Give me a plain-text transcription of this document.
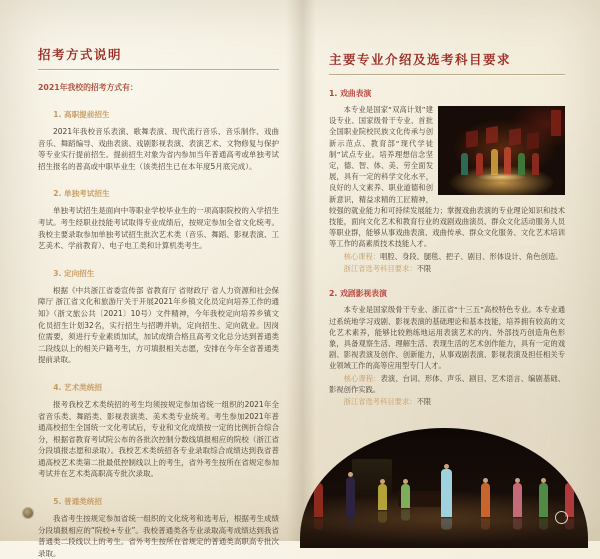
招考方式说明

2021年我校的招考方式有：

1. 高职提前招生

2021年我校音乐表演、歌舞表演、现代流行音乐、音乐制作、戏曲音乐、舞蹈编导、戏曲表演、戏剧影视表演、表演艺术、文物修复与保护等专业实行提前招生。提前招生对象为省内参加当年普通高考或单独考试招生报名的普高或中职毕业生（该类招生已在本年度5月底完成）。

2. 单独考试招生

单独考试招生是面向中等职业学校毕业生的一项高职院校的入学招生考试。考生经职业技能考试取得专业成绩后，按规定参加全省文化统考。我校主要录取参加单独考试招生批次艺术类（音乐、舞蹈、影视表演、工艺美术、学前教育）、电子电工类和计算机类考生。

3. 定向招生

根据《中共浙江省委宣传部 省教育厅 省财政厅 省人力资源和社会保障厅 浙江省文化和旅游厅关于开展2021年乡镇文化员定向培养工作的通知》（浙文旅公共〔2021〕10号）文件精神，今年我校定向培养乡镇文化员招生计划32名，实行招生与招聘并轨，定向招生、定向就业。因岗位需要，须进行专业素质加试，加试成绩合格且高考文化总分达到普通类二段线以上的相关户籍考生，方可填报相关志愿，安排在今年全省普通类提前录取。

4. 艺术类统招

报考我校艺术类统招的考生均须按规定参加省统一组织的2021年全省音乐类、舞蹈类、影视表演类、美术类专业统考。考生参加2021年普通高校招生全国统一文化考试后，专业和文化成绩按一定的比例折合综合分，根据省教育考试院公布的各批次控制分数线填报相应的院校（浙江省分段填报志愿和录取）。我校艺术类统招各专业录取综合成绩达到我省普通高校艺术类第二批最低控制线以上的考生，省外考生按所在省规定参加考试并在艺术类高职高专批次录取。

5. 普通类统招

我省考生按规定参加省统一组织的文化统考和选考后，根据考生成绩分段填报相应的“院校+专业”。我校普通类各专业录取高考成绩达到我省普通类二段线以上的考生。省外考生按所在省规定的普通类高职高专批次录取。

主要专业介绍及选考科目要求
1. 戏曲表演

本专业是国家“双高计划”建设专业、国家级骨干专业、首批全国职业院校民族文化传承与创新示范点、教育部“现代学徒制”试点专业。培养理想信念坚定，德、智、体、美、劳全面发展，具有一定的科学文化水平，良好的人文素养、职业道德和创新意识，精益求精的工匠精神，较强的就业能力和可持续发展能力；掌握戏曲表演的专业理论知识和技术技能，面向文化艺术和教育行业的戏剧戏曲演员、群众文化活动服务人员等职业群，能够从事戏曲表演、戏曲传承、群众文化服务、文化艺术培训等工作的高素质技术技能人才。

核心课程：唱腔、身段、腿毯、把子、剧目、形体设计、角色创造。

浙江省选考科目要求：不限

2. 戏剧影视表演

本专业是国家级骨干专业、浙江省“十三五”高校特色专业。本专业通过系统地学习戏剧、影视表演的基础理论和基本技能，培养拥有较高的文化艺术素养，能够比较熟练地运用表演艺术的内、外部技巧创造角色形象，具备观察生活、理解生活、表现生活的艺术创作能力，具有一定的戏剧、影视表演及创作、创新能力，从事戏剧表演、影视表演及担任相关专业领域工作的高等应用型专门人才。

核心课程：表演、台词、形体、声乐、剧目、艺术语言、编剧基础、影视创作实践。

浙江省选考科目要求：不限
